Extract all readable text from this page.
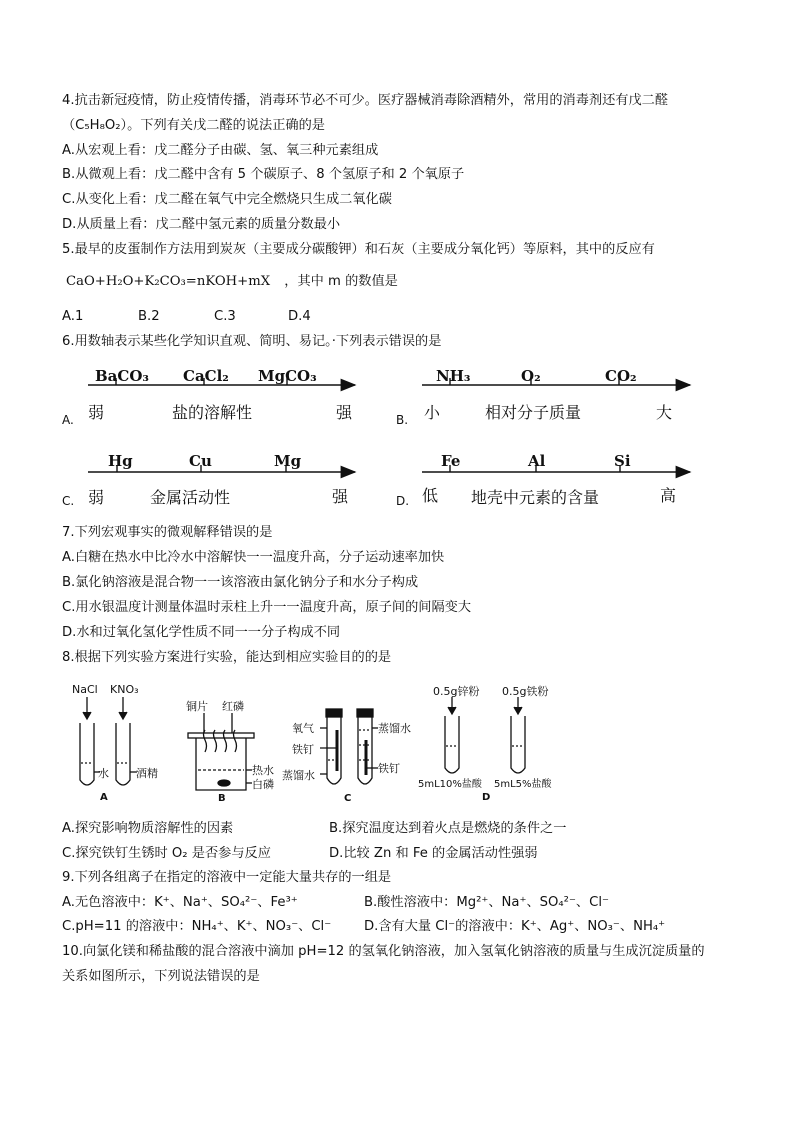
4.抗击新冠疫情，防止疫情传播，消毒环节必不可少。医疗器械消毒除酒精外，常用的消毒剂还有戊二醛
（C₅H₈O₂）。下列有关戊二醛的说法正确的是
A.从宏观上看：戊二醛分子由碳、氢、氧三种元素组成
B.从微观上看：戊二醛中含有 5 个碳原子、8 个氢原子和 2 个氧原子
C.从变化上看：戊二醛在氧气中完全燃烧只生成二氧化碳
D.从质量上看：戊二醛中氢元素的质量分数最小
5.最早的皮蛋制作方法用到炭灰（主要成分碳酸钾）和石灰（主要成分氧化钙）等原料，其中的反应有
CaO+H₂O+K₂CO₃=nKOH+mX ，其中 m 的数值是
A.1	B.2	C.3	D.4
6.用数轴表示某些化学知识直观、简明、易记。·下列表示错误的是
BaCO₃ CaCl₂ MgCO₃
弱	盐的溶解性	强
A.
NH₃	O₂	CO₂
小	相对分子质量	大
B.
Hg	Cu	Mg
弱	金属活动性	强
C.
Fe	Al	Si
低 地壳中元素的含量	高
D.
7.下列宏观事实的微观解释错误的是
A.白糖在热水中比冷水中溶解快一一温度升高，分子运动速率加快
B.氯化钠溶液是混合物一一该溶液由氯化钠分子和水分子构成
C.用水银温度计测量体温时汞柱上升一一温度升高，原子间的间隔变大
D.水和过氧化氢化学性质不同一一分子构成不同
8.根据下列实验方案进行实验，能达到相应实验目的的是
NaCl KNO₃
水 酒精
A
铜片 红磷
热水
白磷
B
氧气
铁钉
蒸馏水
蒸馏水
铁钉
C
0.5g锌粉 0.5g铁粉
5mL10%盐酸 5mL5%盐酸
D
A.探究影响物质溶解性的因素	B.探究温度达到着火点是燃烧的条件之一
C.探究铁钉生锈时 O₂ 是否参与反应	D.比较 Zn 和 Fe 的金属活动性强弱
9.下列各组离子在指定的溶液中一定能大量共存的一组是
A.无色溶液中：K⁺、Na⁺、SO₄²⁻、Fe³⁺	B.酸性溶液中：Mg²⁺、Na⁺、SO₄²⁻、Cl⁻
C.pH=11 的溶液中：NH₄⁺、K⁺、NO₃⁻、Cl⁻ D.含有大量 Cl⁻的溶液中：K⁺、Ag⁺、NO₃⁻、NH₄⁺
10.向氯化镁和稀盐酸的混合溶液中滴加 pH=12 的氢氧化钠溶液，加入氢氧化钠溶液的质量与生成沉淀质量的
关系如图所示，下列说法错误的是
